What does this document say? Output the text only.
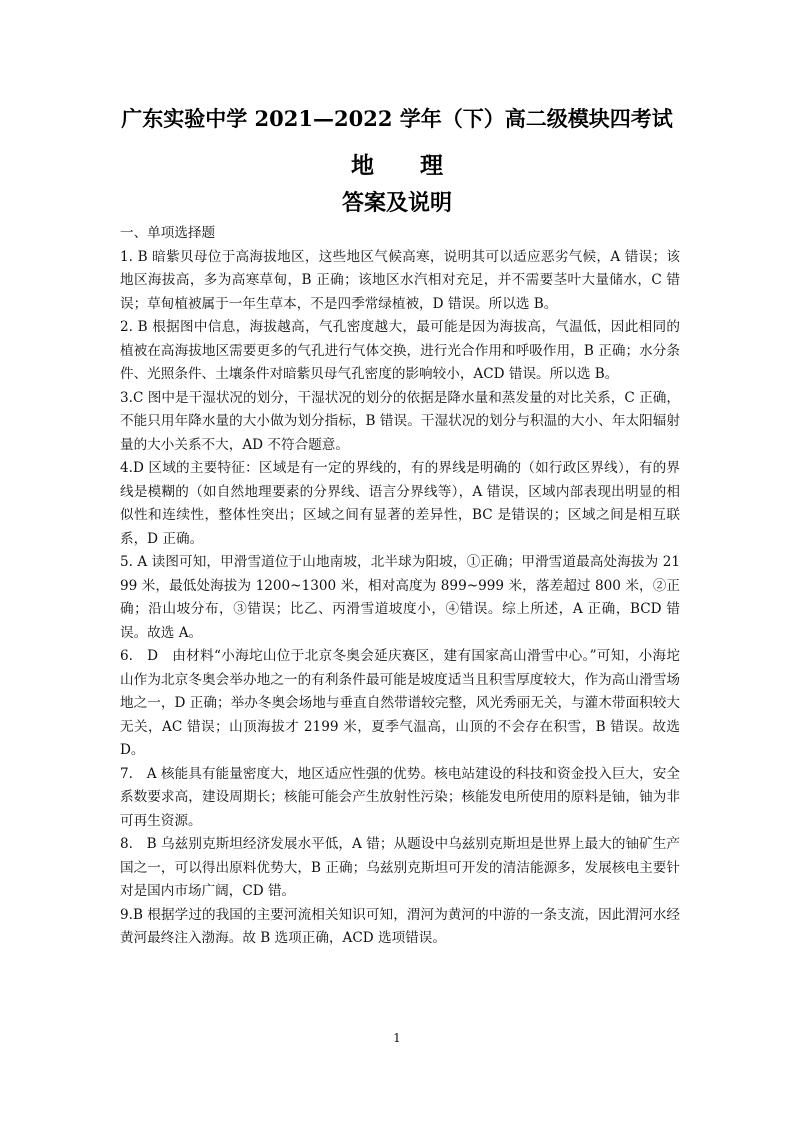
广东实验中学 2021—2022 学年（下）高二级模块四考试
地　　理
答案及说明

一、单项选择题

1. B 暗紫贝母位于高海拔地区，这些地区气候高寒，说明其可以适应恶劣气候，A 错误；该地区海拔高，多为高寒草甸，B 正确；该地区水汽相对充足，并不需要茎叶大量储水，C 错误；草甸植被属于一年生草本，不是四季常绿植被，D 错误。所以选 B。

2. B 根据图中信息，海拔越高，气孔密度越大，最可能是因为海拔高，气温低，因此相同的植被在高海拔地区需要更多的气孔进行气体交换，进行光合作用和呼吸作用，B 正确；水分条件、光照条件、土壤条件对暗紫贝母气孔密度的影响较小，ACD 错误。所以选 B。

3.C 图中是干湿状况的划分，干湿状况的划分的依据是降水量和蒸发量的对比关系，C 正确，不能只用年降水量的大小做为划分指标，B 错误。干湿状况的划分与积温的大小、年太阳辐射量的大小关系不大，AD 不符合题意。

4.D 区域的主要特征：区域是有一定的界线的，有的界线是明确的（如行政区界线），有的界线是模糊的（如自然地理要素的分界线、语言分界线等），A 错误，区域内部表现出明显的相似性和连续性，整体性突出；区域之间有显著的差异性，BC 是错误的；区域之间是相互联系，D 正确。

5. A 读图可知，甲滑雪道位于山地南坡，北半球为阳坡，①正确；甲滑雪道最高处海拔为 2199 米，最低处海拔为 1200~1300 米，相对高度为 899~999 米，落差超过 800 米，②正确；沿山坡分布，③错误；比乙、丙滑雪道坡度小，④错误。综上所述，A 正确，BCD 错误。故选 A。

6.　D　由材料“小海坨山位于北京冬奥会延庆赛区，建有国家高山滑雪中心。”可知，小海坨山作为北京冬奥会举办地之一的有利条件最可能是坡度适当且积雪厚度较大，作为高山滑雪场地之一，D 正确；举办冬奥会场地与垂直自然带谱较完整，风光秀丽无关，与灌木带面积较大无关，AC 错误；山顶海拔才 2199 米，夏季气温高，山顶的不会存在积雪，B 错误。故选 D。

7.　A 核能具有能量密度大，地区适应性强的优势。核电站建设的科技和资金投入巨大，安全系数要求高，建设周期长；核能可能会产生放射性污染；核能发电所使用的原料是铀，铀为非可再生资源。

8.　B 乌兹别克斯坦经济发展水平低，A 错；从题设中乌兹别克斯坦是世界上最大的铀矿生产国之一，可以得出原料优势大，B 正确；乌兹别克斯坦可开发的清洁能源多，发展核电主要针对是国内市场广阔，CD 错。

9.B 根据学过的我国的主要河流相关知识可知，渭河为黄河的中游的一条支流，因此渭河水经黄河最终注入渤海。故 B 选项正确，ACD 选项错误。

1
